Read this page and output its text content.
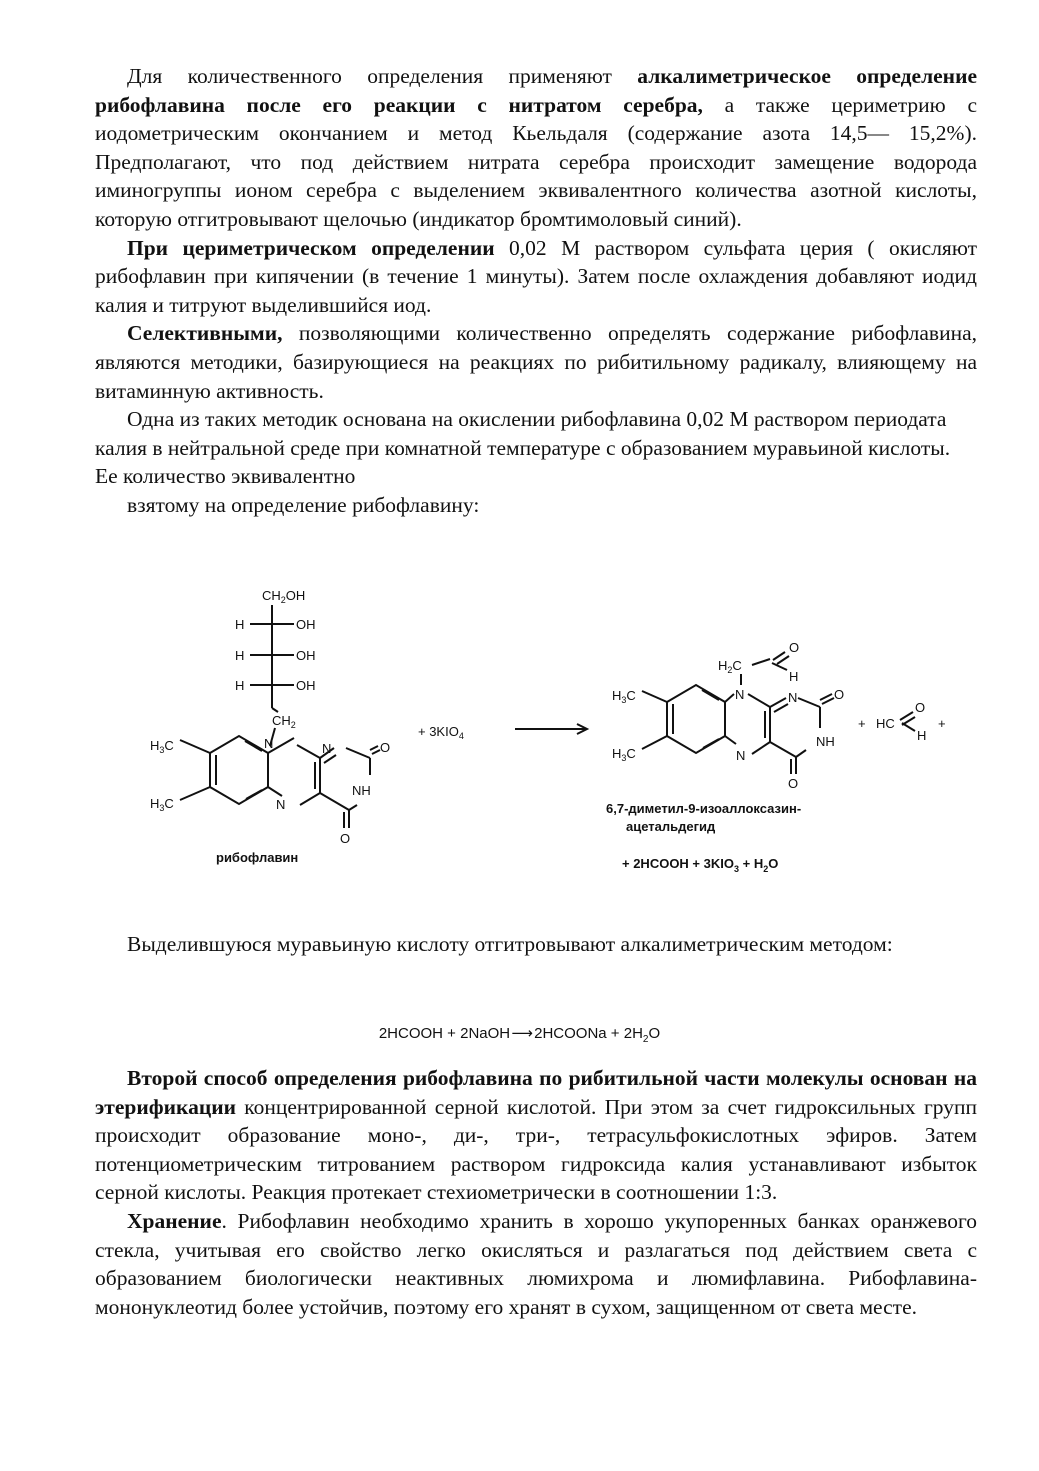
Для количественного определения применяют алкалиметрическое определение рибофлавина после его реакции с нитратом серебра, а также цериметрию с иодометрическим окончанием и метод Кьельдаля (содержание азота 14,5— 15,2%). Предполагают, что под действием нитрата серебра происходит замещение водорода иминогруппы ионом серебра с выделением эквивалентного количества азотной кислоты, которую отгитровывают щелочью (индикатор бромтимоловый синий).

При цериметрическом определении 0,02 М раствором сульфата церия ( окисляют рибофлавин при кипячении (в течение 1 минуты). Затем после охлаждения добавляют иодид калия и титруют выделившийся иод.

Селективными, позволяющими количественно определять содержание рибофлавина, являются методики, базирующиеся на реакциях по рибитильному радикалу, влияющему на витаминную активность.

Одна из таких методик основана на окислении рибофлавина 0,02 М раствором периодата калия в нейтральной среде при комнатной температуре с образованием муравьиной кислоты. Ее количество эквивалентно

взятому на определение рибофлавину:

$CH_2OH$
H	OH
H	OH
H	OH
$CH_2$
$H_3C$
$H_3C$
N	N
N
O
NH
O
рибофлавин
+ $3KIO_4$
$H_2C$
O
H
$H_3C$
$H_3C$
N	N
N
O
NH
O
+ HC
O
H
+
6,7-диметил-9-изоаллоксазин-
ацетальдегид
+ 2HCOOH + $3KIO_3 + H_2O$

Выделившуюся муравьиную кислоту отгитровывают алкалиметрическим методом:

2HCOOH + 2NaOH⟶2HCOONa + $2H_2O$

Второй способ определения рибофлавина по рибитильной части молекулы основан на этерификации концентрированной серной кислотой. При этом за счет гидроксильных групп происходит образование моно-, ди-, три-, тетрасульфокислотных эфиров. Затем потенциометрическим титрованием раствором гидроксида калия устанавливают избыток серной кислоты. Реакция протекает стехиометрически в соотношении 1:3.

Хранение. Рибофлавин необходимо хранить в хорошо укупоренных банках оранжевого стекла, учитывая его свойство легко окисляться и разлагаться под действием света с образованием биологически неактивных люмихрома и люмифлавина. Рибофлавина-мононуклеотид более устойчив, поэтому его хранят в сухом, защищенном от света месте.
